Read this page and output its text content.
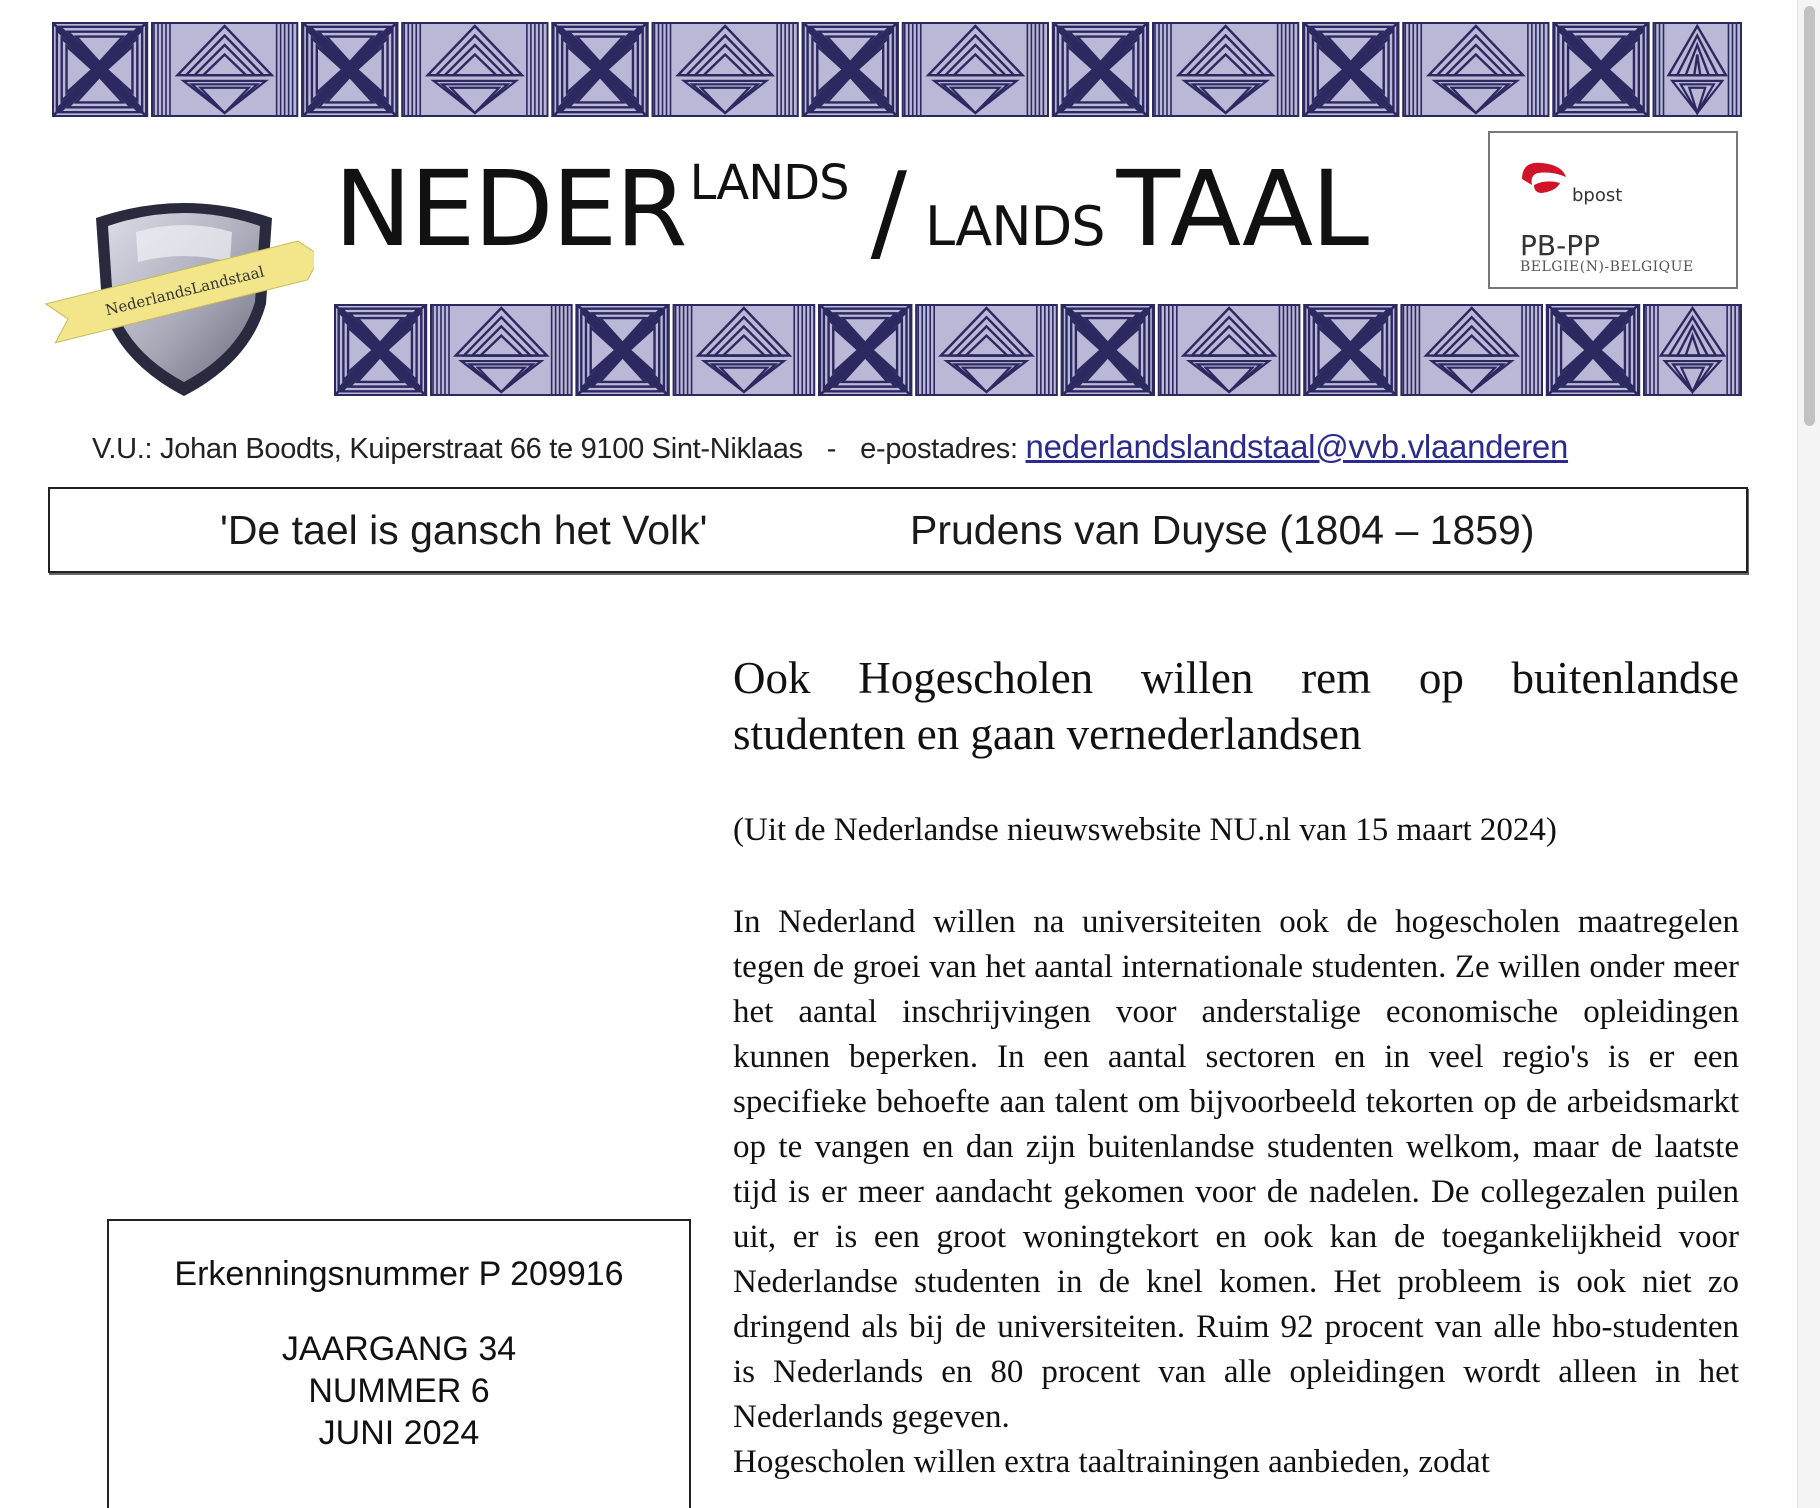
NederlandsLandstaal
NEDERLANDS / LANDS TAAL	bpost
PB-PP
BELGIE(N)-BELGIQUE
V.U.: Johan Boodts, Kuiperstraat 66 te 9100 Sint-Niklaas - e-postadres: nederlandslandstaal@vvb.vlaanderen
'De tael is gansch het Volk'	Prudens van Duyse (1804 – 1859)
Ook Hogescholen willen rem op buitenlandse studenten en gaan vernederlandsen

(Uit de Nederlandse nieuwswebsite NU.nl van 15 maart 2024)

In Nederland willen na universiteiten ook de hogescholen maatregelen tegen de groei van het aantal internationale studenten. Ze willen onder meer het aantal inschrijvingen voor anderstalige economische opleidingen kunnen beperken. In een aantal sectoren en in veel regio's is er een specifieke behoefte aan talent om bijvoorbeeld tekorten op de arbeidsmarkt op te vangen en dan zijn buitenlandse studenten welkom, maar de laatste tijd is er meer aandacht gekomen voor de nadelen. De collegezalen puilen uit, er is een groot woningtekort en ook kan de toegankelijkheid voor Nederlandse studenten in de knel komen. Het probleem is ook niet zo dringend als bij de universiteiten. Ruim 92 procent van alle hbo-studenten is Nederlands en 80 procent van alle opleidingen wordt alleen in het Nederlands gegeven.
Hogescholen willen extra taaltrainingen aanbieden, zodat

Erkenningsnummer P 209916
JAARGANG 34
NUMMER 6
JUNI 2024
